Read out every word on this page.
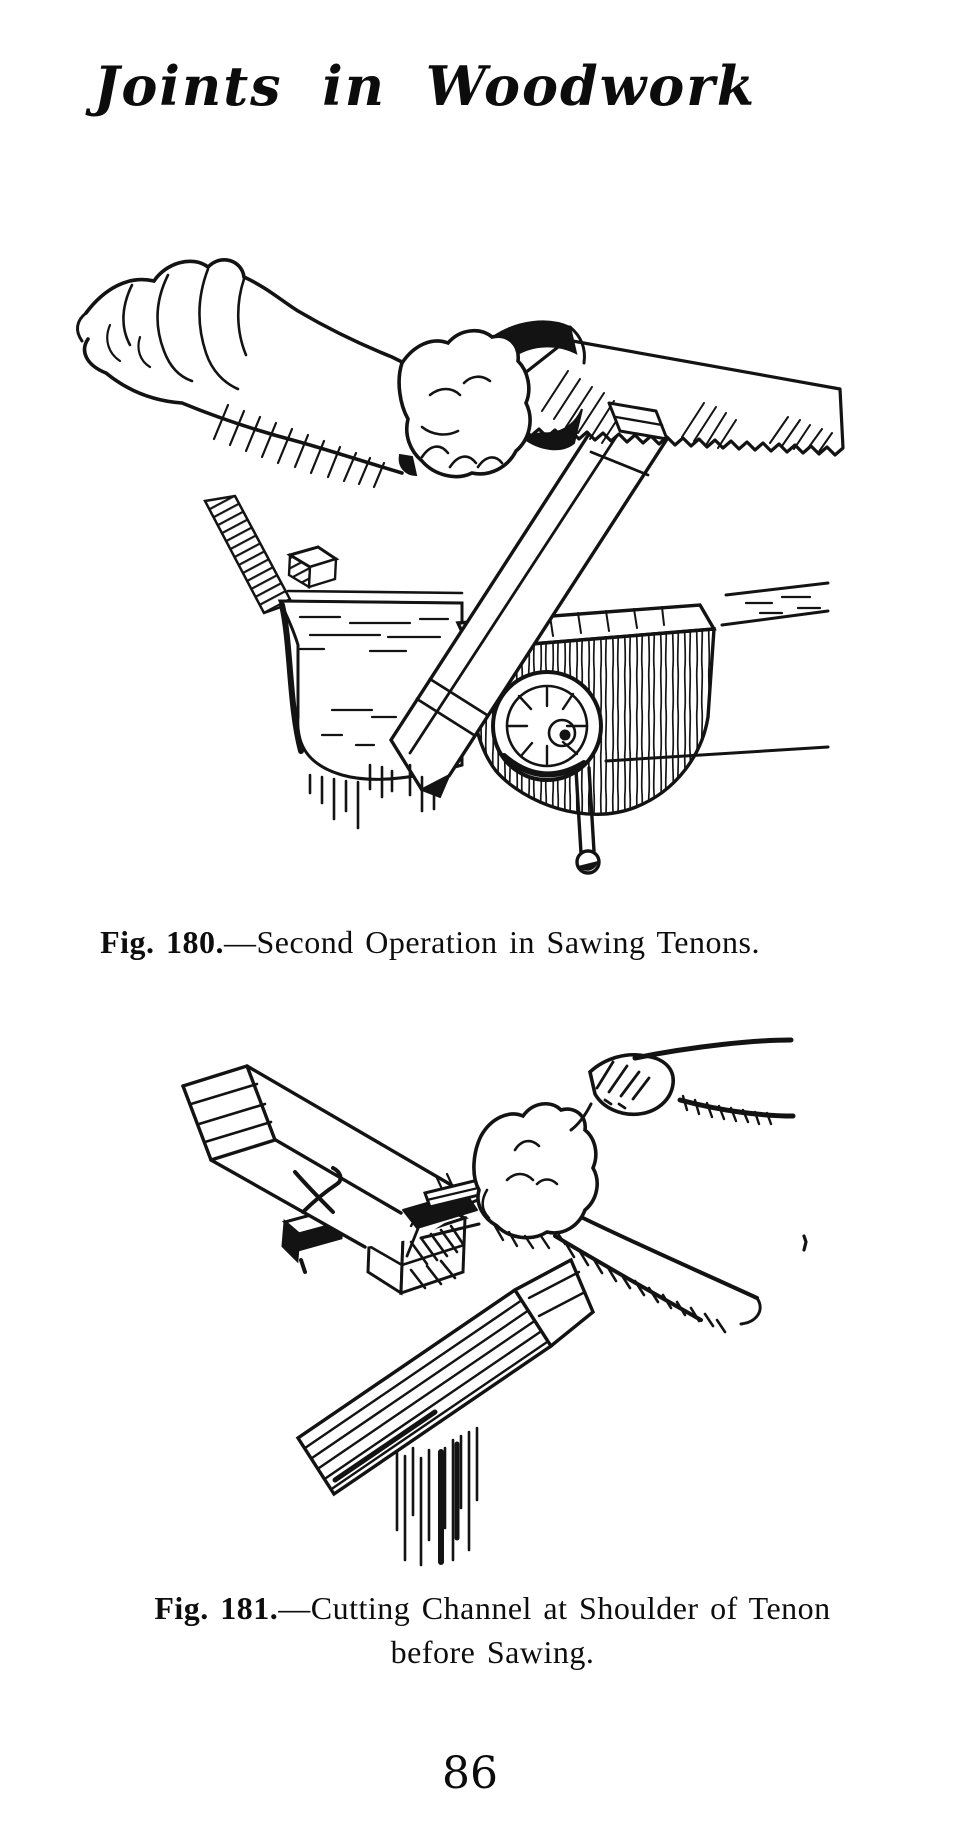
Joints in Woodwork

Fig. 180.—Second Operation in Sawing Tenons.

Fig. 181.—Cutting Channel at Shoulder of Tenon
before Sawing.

86
